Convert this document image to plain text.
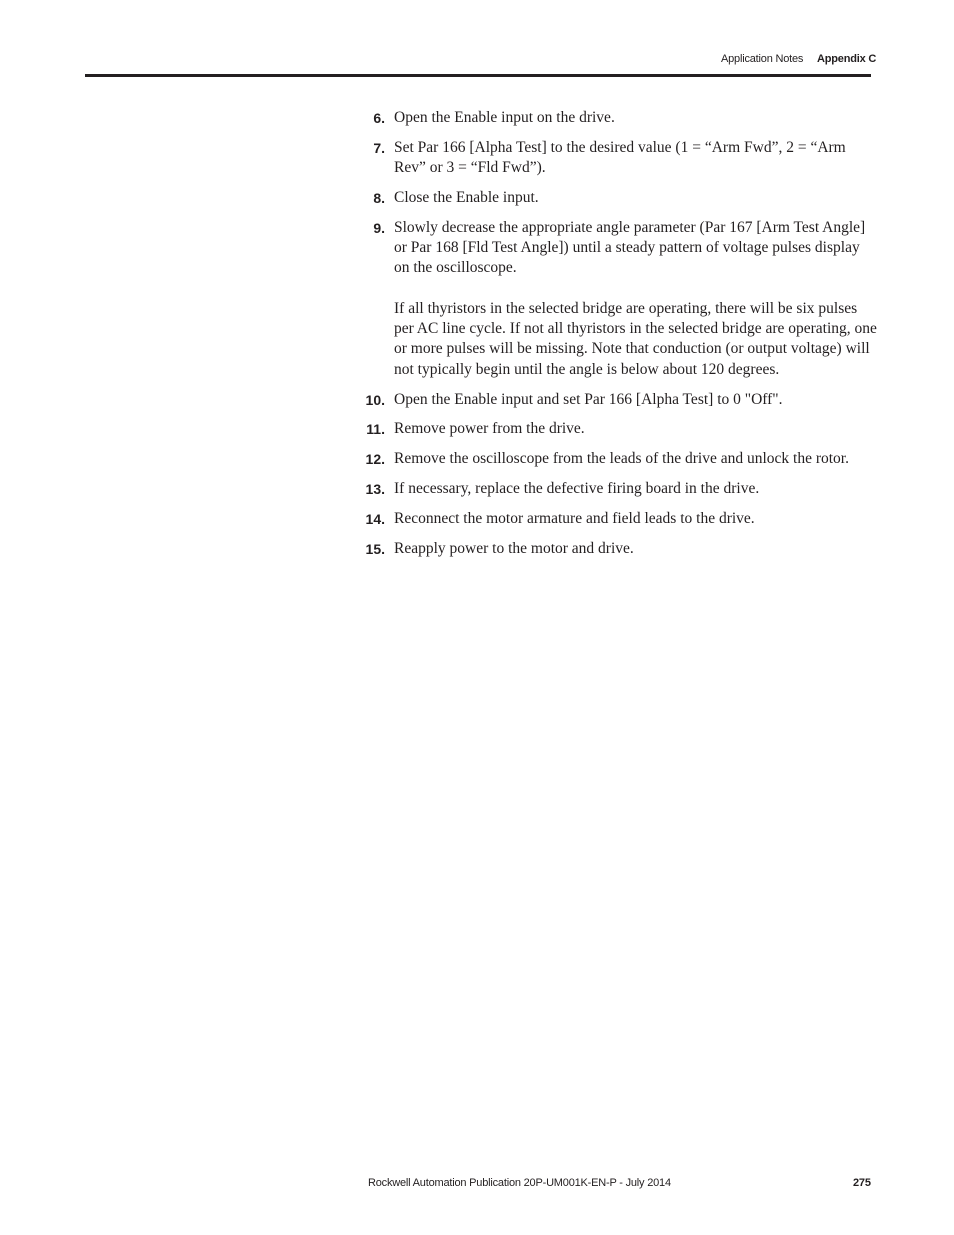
Application Notes Appendix C
6. Open the Enable input on the drive.
7. Set Par 166 [Alpha Test] to the desired value (1 = “Arm Fwd”, 2 = “Arm Rev” or 3 = “Fld Fwd”).
8. Close the Enable input.
9. Slowly decrease the appropriate angle parameter (Par 167 [Arm Test Angle] or Par 168 [Fld Test Angle]) until a steady pattern of voltage pulses display on the oscilloscope.
If all thyristors in the selected bridge are operating, there will be six pulses per AC line cycle. If not all thyristors in the selected bridge are operating, one or more pulses will be missing. Note that conduction (or output voltage) will not typically begin until the angle is below about 120 degrees.
10. Open the Enable input and set Par 166 [Alpha Test] to 0 "Off".
11. Remove power from the drive.
12. Remove the oscilloscope from the leads of the drive and unlock the rotor.
13. If necessary, replace the defective firing board in the drive.
14. Reconnect the motor armature and field leads to the drive.
15. Reapply power to the motor and drive.
Rockwell Automation Publication 20P-UM001K-EN-P - July 2014	275
